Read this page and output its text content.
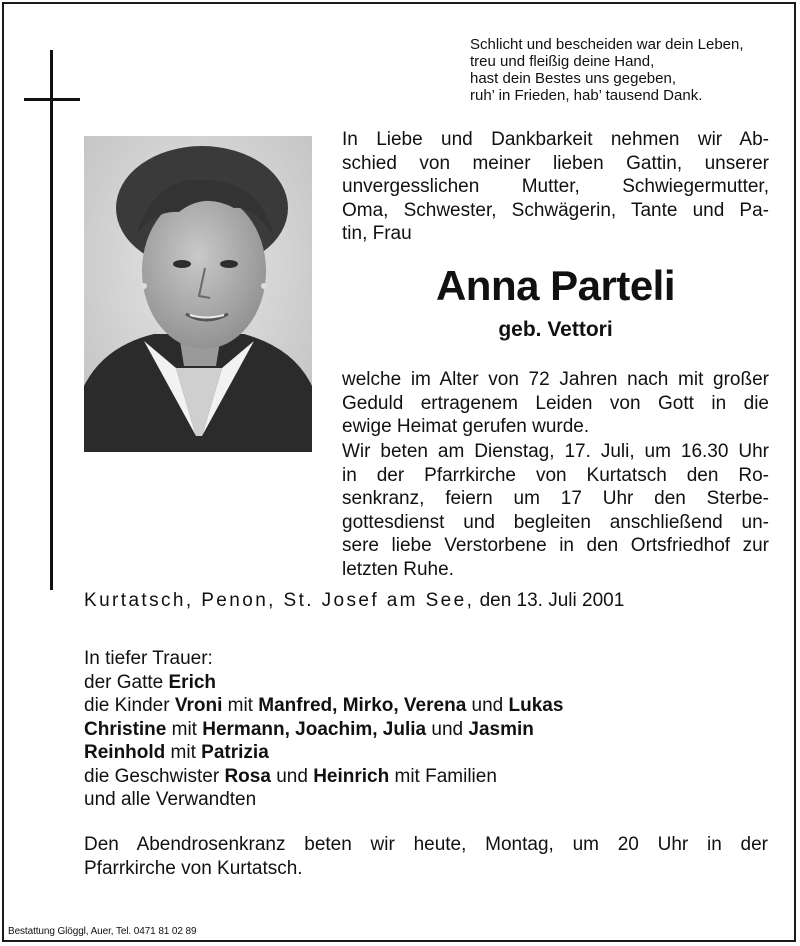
Schlicht und bescheiden war dein Leben,
treu und fleißig deine Hand,
hast dein Bestes uns gegeben,
ruh’ in Frieden, hab’ tausend Dank.
In Liebe und Dankbarkeit nehmen wir Ab-
schied von meiner lieben Gattin, unserer
unvergesslichen Mutter, Schwiegermutter,
Oma, Schwester, Schwägerin, Tante und Pa-
tin, Frau
Anna Parteli
geb. Vettori
welche im Alter von 72 Jahren nach mit großer
Geduld ertragenem Leiden von Gott in die
ewige Heimat gerufen wurde.
Wir beten am Dienstag, 17. Juli, um 16.30 Uhr
in der Pfarrkirche von Kurtatsch den Ro-
senkranz, feiern um 17 Uhr den Sterbe-
gottesdienst und begleiten anschließend un-
sere liebe Verstorbene in den Ortsfriedhof zur
letzten Ruhe.
Kurtatsch, Penon, St. Josef am See, den 13. Juli 2001
In tiefer Trauer:
der Gatte Erich
die Kinder Vroni mit Manfred, Mirko, Verena und Lukas
Christine mit Hermann, Joachim, Julia und Jasmin
Reinhold mit Patrizia
die Geschwister Rosa und Heinrich mit Familien
und alle Verwandten
Den Abendrosenkranz beten wir heute, Montag, um 20 Uhr in der
Pfarrkirche von Kurtatsch.
Bestattung Glöggl, Auer, Tel. 0471 81 02 89
